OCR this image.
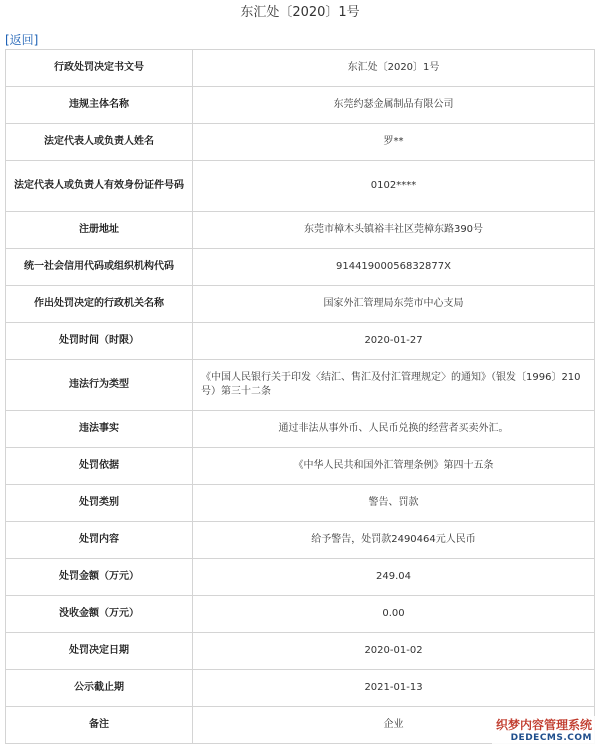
东汇处〔2020〕1号
[返回]
行政处罚决定书文号	东汇处〔2020〕1号
违规主体名称	东莞约瑟金属制品有限公司
法定代表人或负责人姓名	罗**
法定代表人或负责人有效身份证件号码	0102****
注册地址	东莞市樟木头镇裕丰社区莞樟东路390号
统一社会信用代码或组织机构代码	91441900056832877X
作出处罚决定的行政机关名称	国家外汇管理局东莞市中心支局
处罚时间（时限）	2020-01-27
违法行为类型	《中国人民银行关于印发〈结汇、售汇及付汇管理规定〉的通知》（银发〔1996〕210号）第三十二条
违法事实	通过非法从事外币、人民币兑换的经营者买卖外汇。
处罚依据	《中华人民共和国外汇管理条例》第四十五条
处罚类别	警告、罚款
处罚内容	给予警告，处罚款2490464元人民币
处罚金额（万元）	249.04
没收金额（万元）	0.00
处罚决定日期	2020-01-02
公示截止期	2021-01-13
备注	企业	织梦内容管理系统
DEDECMS.COM
